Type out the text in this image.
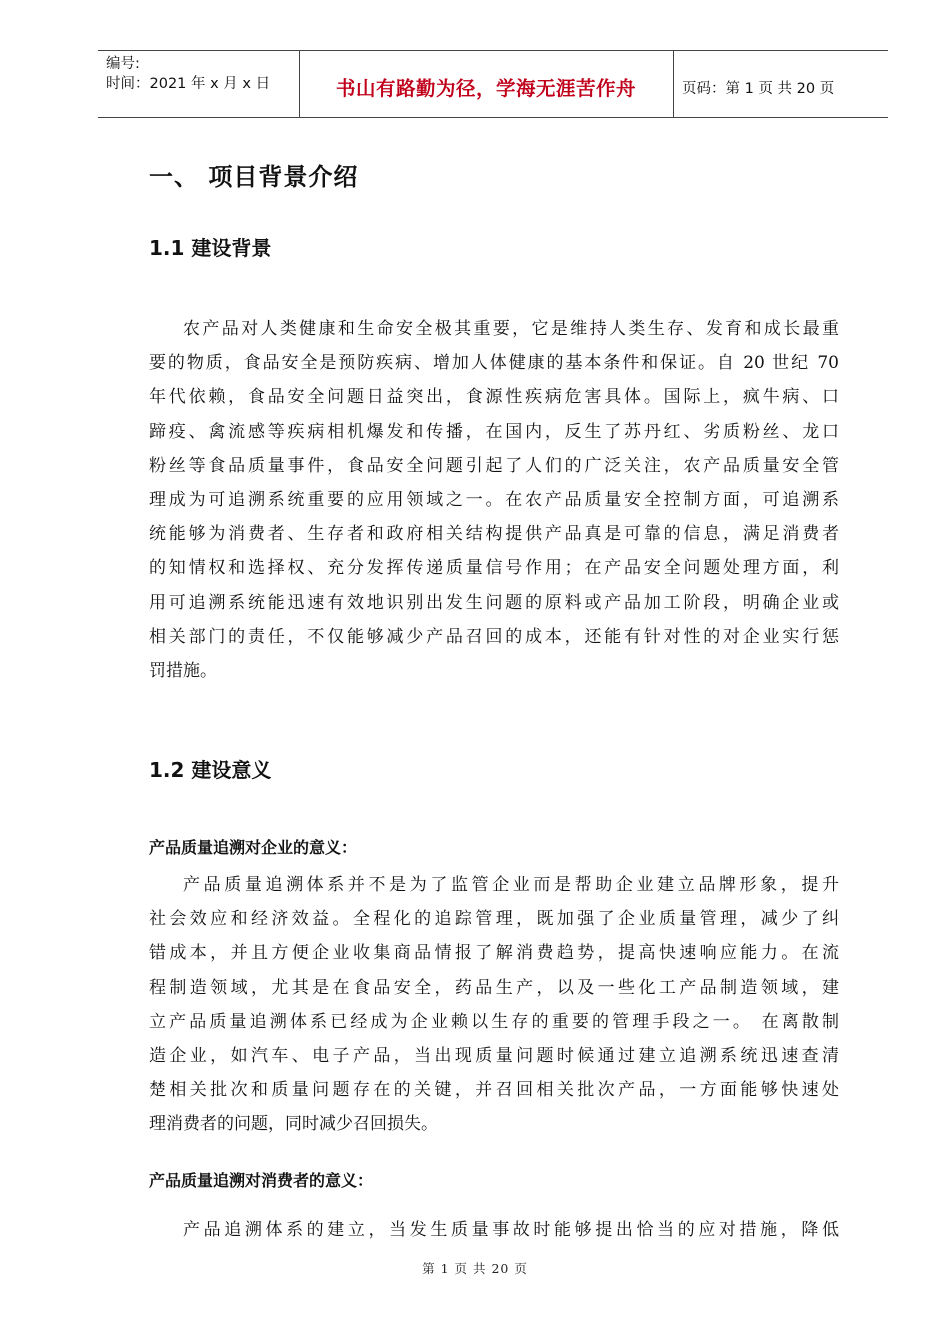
编号:
时间：2021 年 x 月 x 日	书山有路勤为径，学海无涯苦作舟	页码：第 1 页 共 20 页
一、 项目背景介绍
1.1 建设背景
农产品对人类健康和生命安全极其重要，它是维持人类生存、发育和成长最重
要的物质，食品安全是预防疾病、增加人体健康的基本条件和保证。自 20 世纪 70
年代依赖，食品安全问题日益突出，食源性疾病危害具体。国际上，疯牛病、口
蹄疫、禽流感等疾病相机爆发和传播，在国内，反生了苏丹红、劣质粉丝、龙口
粉丝等食品质量事件，食品安全问题引起了人们的广泛关注，农产品质量安全管
理成为可追溯系统重要的应用领域之一。在农产品质量安全控制方面，可追溯系
统能够为消费者、生存者和政府相关结构提供产品真是可靠的信息，满足消费者
的知情权和选择权、充分发挥传递质量信号作用；在产品安全问题处理方面，利
用可追溯系统能迅速有效地识别出发生问题的原料或产品加工阶段，明确企业或
相关部门的责任，不仅能够减少产品召回的成本，还能有针对性的对企业实行惩
罚措施。
1.2 建设意义
产品质量追溯对企业的意义：
产品质量追溯体系并不是为了监管企业而是帮助企业建立品牌形象，提升
社会效应和经济效益。全程化的追踪管理，既加强了企业质量管理，减少了纠
错成本，并且方便企业收集商品情报了解消费趋势，提高快速响应能力。在流
程制造领域，尤其是在食品安全，药品生产，以及一些化工产品制造领域，建
立产品质量追溯体系已经成为企业赖以生存的重要的管理手段之一。 在离散制
造企业，如汽车、电子产品，当出现质量问题时候通过建立追溯系统迅速查清
楚相关批次和质量问题存在的关键，并召回相关批次产品，一方面能够快速处
理消费者的问题，同时减少召回损失。
产品质量追溯对消费者的意义：
产品追溯体系的建立，当发生质量事故时能够提出恰当的应对措施，降低
第 1 页 共 20 页
